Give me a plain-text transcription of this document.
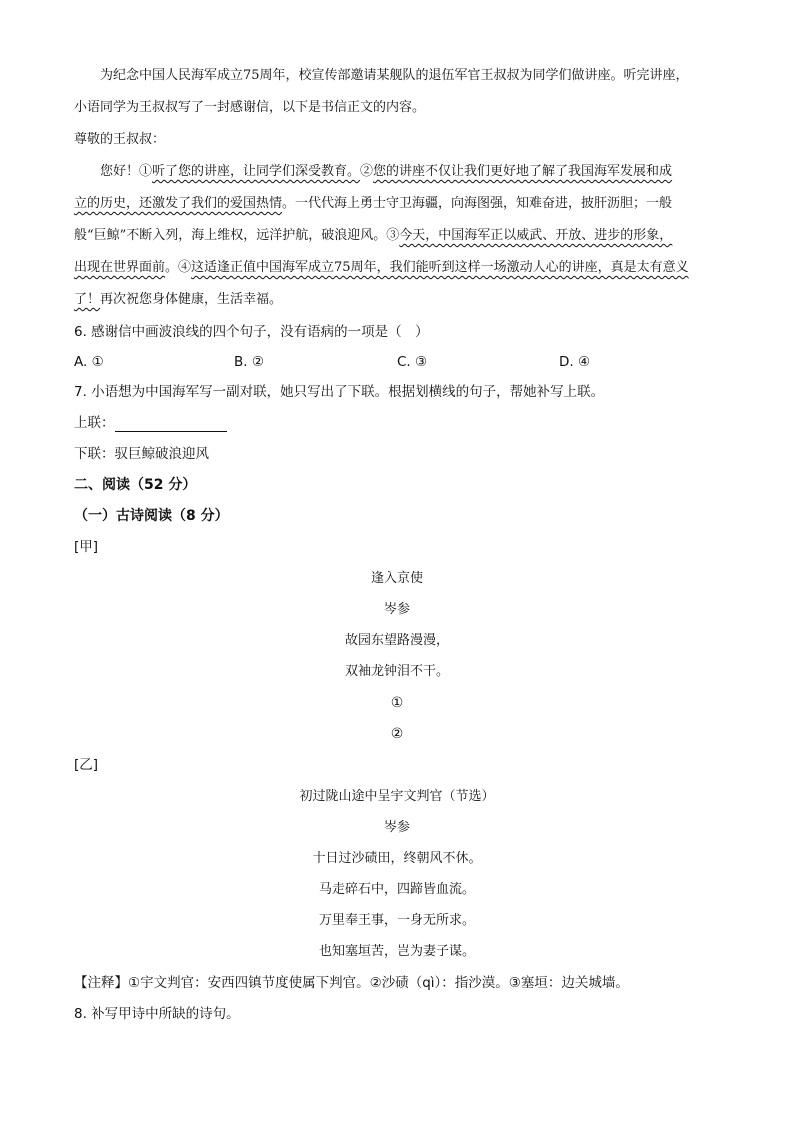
为纪念中国人民海军成立75周年，校宣传部邀请某舰队的退伍军官王叔叔为同学们做讲座。听完讲座，
小语同学为王叔叔写了一封感谢信，以下是书信正文的内容。
尊敬的王叔叔：
您好！①听了您的讲座，让同学们深受教育。②您的讲座不仅让我们更好地了解了我国海军发展和成
立的历史，还激发了我们的爱国热情。一代代海上勇士守卫海疆，向海图强，知难奋进，披肝沥胆；一般
般“巨鲸”不断入列，海上维权，远洋护航，破浪迎风。③今天，中国海军正以威武、开放、进步的形象，
出现在世界面前。④这适逢正值中国海军成立75周年，我们能听到这样一场激动人心的讲座，真是太有意义
了！再次祝您身体健康，生活幸福。
6. 感谢信中画波浪线的四个句子，没有语病的一项是（　）
A. ①	B. ②	C. ③	D. ④
7. 小语想为中国海军写一副对联，她只写出了下联。根据划横线的句子，帮她补写上联。
上联：
下联：驭巨鲸破浪迎风
二、阅读（52 分）
（一）古诗阅读（8 分）
[甲]
逢入京使
岑参
故园东望路漫漫，
双袖龙钟泪不干。
①
②
[乙]
初过陇山途中呈宇文判官（节选）
岑参
十日过沙碛田，终朝风不休。
马走碎石中，四蹄皆血流。
万里奉王事，一身无所求。
也知塞垣苦，岂为妻子谋。
【注释】①宇文判官：安西四镇节度使属下判官。②沙碛（qì）：指沙漠。③塞垣：边关城墙。
8. 补写甲诗中所缺的诗句。
